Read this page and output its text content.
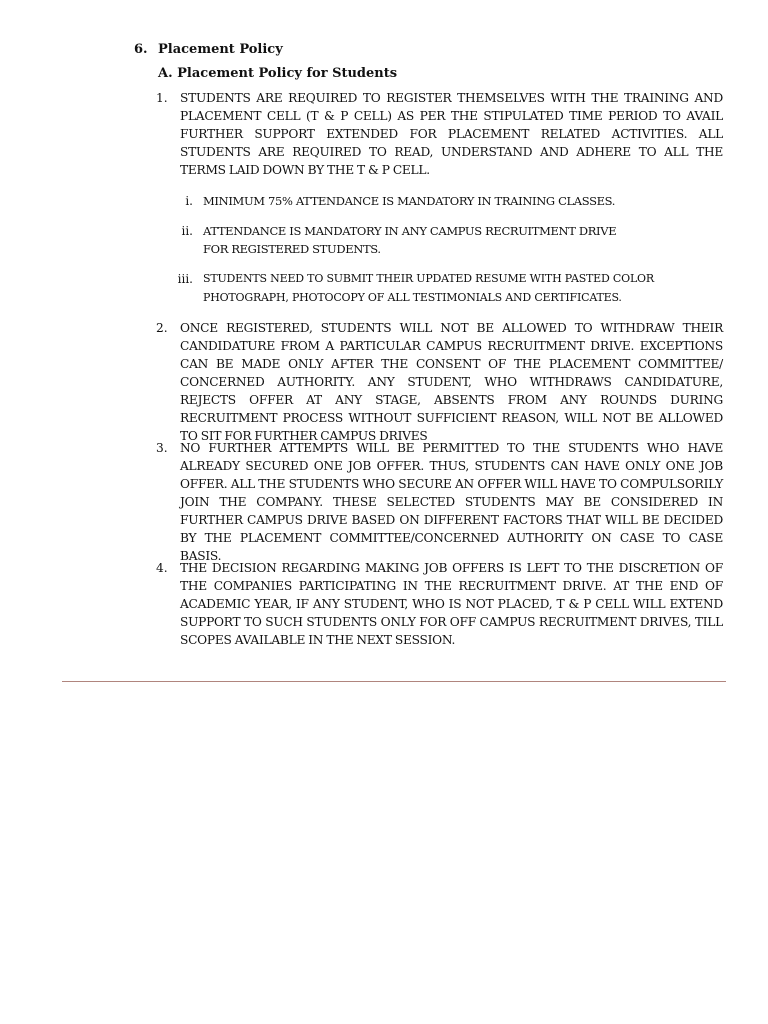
6. Placement Policy
A. Placement Policy for Students
1.	STUDENTS ARE REQUIRED TO REGISTER THEMSELVES WITH THE TRAINING AND PLACEMENT CELL (T & P CELL) AS PER THE STIPULATED TIME PERIOD TO AVAIL FURTHER SUPPORT EXTENDED FOR PLACEMENT RELATED ACTIVITIES. ALL STUDENTS ARE REQUIRED TO READ, UNDERSTAND AND ADHERE TO ALL THE TERMS LAID DOWN BY THE T & P CELL.
i. MINIMUM 75% ATTENDANCE IS MANDATORY IN TRAINING CLASSES.
ii. ATTENDANCE IS MANDATORY IN ANY CAMPUS RECRUITMENT DRIVE
FOR REGISTERED STUDENTS.
iii. STUDENTS NEED TO SUBMIT THEIR UPDATED RESUME WITH PASTED COLOR
PHOTOGRAPH, PHOTOCOPY OF ALL TESTIMONIALS AND CERTIFICATES.
2.	ONCE REGISTERED, STUDENTS WILL NOT BE ALLOWED TO WITHDRAW THEIR CANDIDATURE FROM A PARTICULAR CAMPUS RECRUITMENT DRIVE. EXCEPTIONS CAN BE MADE ONLY AFTER THE CONSENT OF THE PLACEMENT COMMITTEE/ CONCERNED AUTHORITY. ANY STUDENT, WHO WITHDRAWS CANDIDATURE, REJECTS OFFER AT ANY STAGE, ABSENTS FROM ANY ROUNDS DURING RECRUITMENT PROCESS WITHOUT SUFFICIENT REASON, WILL NOT BE ALLOWED TO SIT FOR FURTHER CAMPUS DRIVES
3.	NO FURTHER ATTEMPTS WILL BE PERMITTED TO THE STUDENTS WHO HAVE ALREADY SECURED ONE JOB OFFER. THUS, STUDENTS CAN HAVE ONLY ONE JOB OFFER. ALL THE STUDENTS WHO SECURE AN OFFER WILL HAVE TO COMPULSORILY JOIN THE COMPANY. THESE SELECTED STUDENTS MAY BE CONSIDERED IN FURTHER CAMPUS DRIVE BASED ON DIFFERENT FACTORS THAT WILL BE DECIDED BY THE PLACEMENT COMMITTEE/CONCERNED AUTHORITY ON CASE TO CASE BASIS.
4.	THE DECISION REGARDING MAKING JOB OFFERS IS LEFT TO THE DISCRETION OF THE COMPANIES PARTICIPATING IN THE RECRUITMENT DRIVE. AT THE END OF ACADEMIC YEAR, IF ANY STUDENT, WHO IS NOT PLACED, T & P CELL WILL EXTEND SUPPORT TO SUCH STUDENTS ONLY FOR OFF CAMPUS RECRUITMENT DRIVES, TILL SCOPES AVAILABLE IN THE NEXT SESSION.
